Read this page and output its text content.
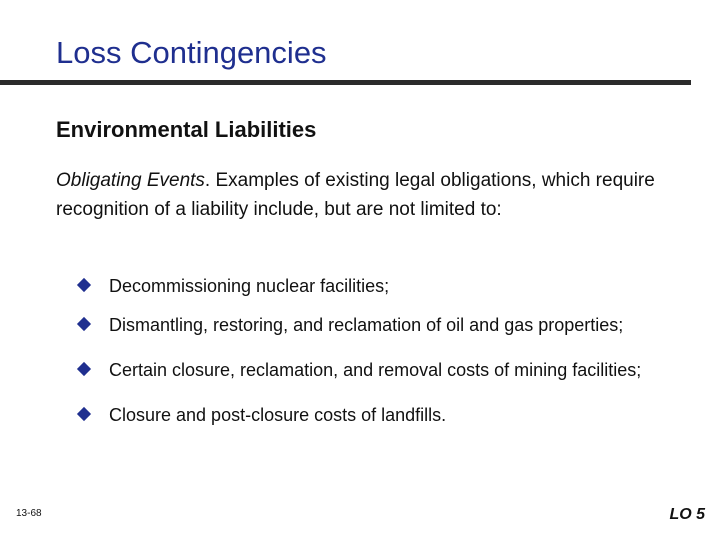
Loss Contingencies
Environmental Liabilities
Obligating Events. Examples of existing legal obligations, which require recognition of a liability include, but are not limited to:
Decommissioning nuclear facilities;
Dismantling, restoring, and reclamation of oil and gas properties;
Certain closure, reclamation, and removal costs of mining facilities;
Closure and post-closure costs of landfills.
13-68	LO 5
